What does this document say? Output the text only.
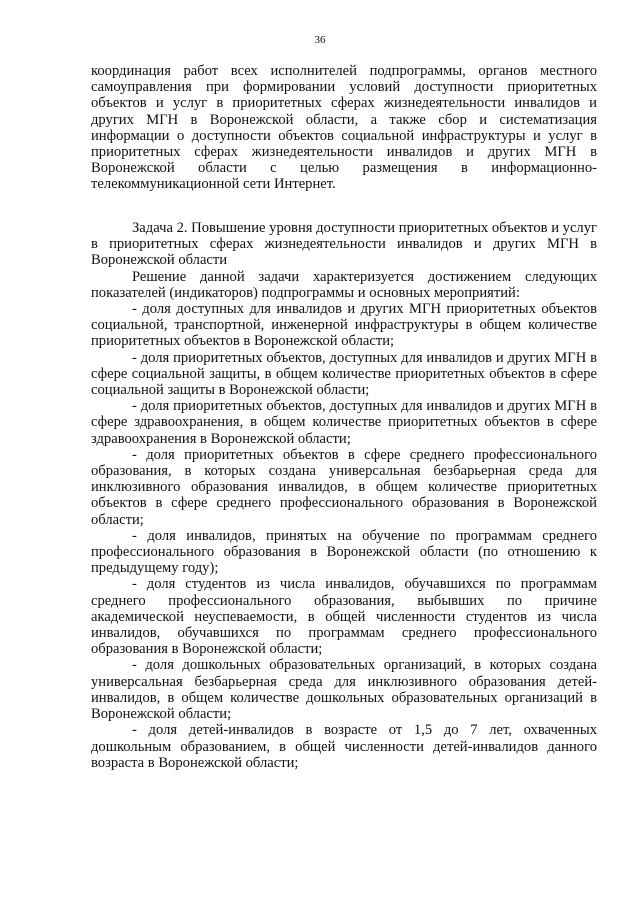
36

координация работ всех исполнителей подпрограммы, органов местного самоуправления при формировании условий доступности приоритетных объектов и услуг в приоритетных сферах жизнедеятельности инвалидов и других МГН в Воронежской области, а также сбор и систематизация информации о доступности объектов социальной инфраструктуры и услуг в приоритетных сферах жизнедеятельности инвалидов и других МГН в Воронежской области с целью размещения в информационно-телекоммуникационной сети Интернет.

Задача 2. Повышение уровня доступности приоритетных объектов и услуг в приоритетных сферах жизнедеятельности инвалидов и других МГН в Воронежской области

Решение данной задачи характеризуется достижением следующих показателей (индикаторов) подпрограммы и основных мероприятий:

- доля доступных для инвалидов и других МГН приоритетных объектов социальной, транспортной, инженерной инфраструктуры в общем количестве приоритетных объектов в Воронежской области;

- доля приоритетных объектов, доступных для инвалидов и других МГН в сфере социальной защиты, в общем количестве приоритетных объектов в сфере социальной защиты в Воронежской области;

- доля приоритетных объектов, доступных для инвалидов и других МГН в сфере здравоохранения, в общем количестве приоритетных объектов в сфере здравоохранения в Воронежской области;

- доля приоритетных объектов в сфере среднего профессионального образования, в которых создана универсальная безбарьерная среда для инклюзивного образования инвалидов, в общем количестве приоритетных объектов в сфере среднего профессионального образования в Воронежской области;

- доля инвалидов, принятых на обучение по программам среднего профессионального образования в Воронежской области (по отношению к предыдущему году);

- доля студентов из числа инвалидов, обучавшихся по программам среднего профессионального образования, выбывших по причине академической неуспеваемости, в общей численности студентов из числа инвалидов, обучавшихся по программам среднего профессионального образования в Воронежской области;

- доля дошкольных образовательных организаций, в которых создана универсальная безбарьерная среда для инклюзивного образования детей-инвалидов, в общем количестве дошкольных образовательных организаций в Воронежской области;

- доля детей-инвалидов в возрасте от 1,5 до 7 лет, охваченных дошкольным образованием, в общей численности детей-инвалидов данного возраста в Воронежской области;
